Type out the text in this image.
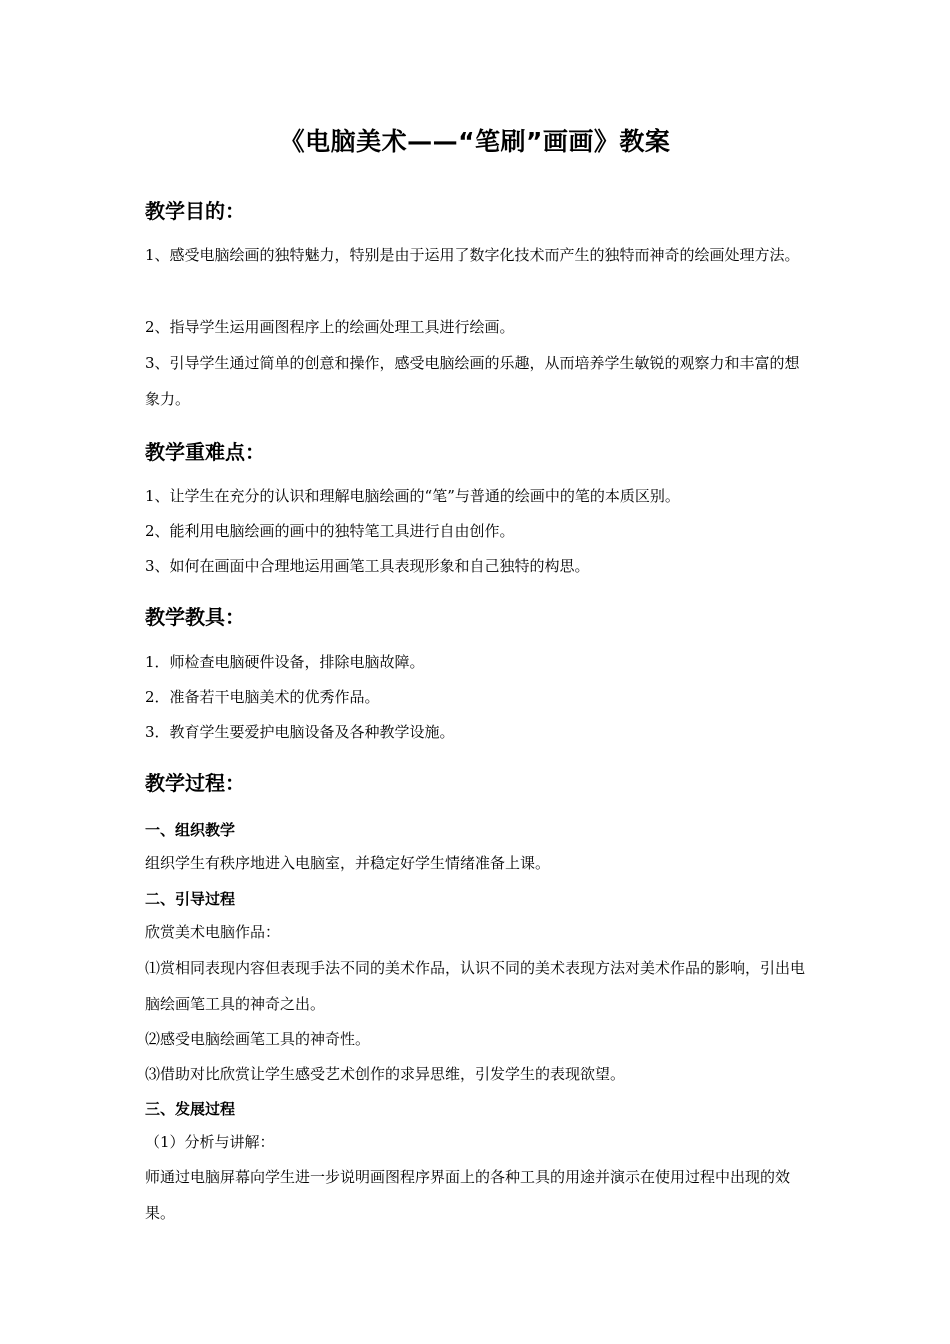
《电脑美术——“笔刷”画画》教案
教学目的：

1、感受电脑绘画的独特魅力，特别是由于运用了数字化技术而产生的独特而神奇的绘画处理方法。

2、指导学生运用画图程序上的绘画处理工具进行绘画。

3、引导学生通过简单的创意和操作，感受电脑绘画的乐趣，从而培养学生敏锐的观察力和丰富的想象力。

教学重难点：

1、让学生在充分的认识和理解电脑绘画的“笔”与普通的绘画中的笔的本质区别。

2、能利用电脑绘画的画中的独特笔工具进行自由创作。

3、如何在画面中合理地运用画笔工具表现形象和自己独特的构思。

教学教具：

1．师检查电脑硬件设备，排除电脑故障。

2．准备若干电脑美术的优秀作品。

3．教育学生要爱护电脑设备及各种教学设施。

教学过程：
一、组织教学

组织学生有秩序地进入电脑室，并稳定好学生情绪准备上课。

二、引导过程

欣赏美术电脑作品：

⑴赏相同表现内容但表现手法不同的美术作品，认识不同的美术表现方法对美术作品的影响，引出电脑绘画笔工具的神奇之出。

⑵感受电脑绘画笔工具的神奇性。

⑶借助对比欣赏让学生感受艺术创作的求异思维，引发学生的表现欲望。

三、发展过程

（1）分析与讲解：

师通过电脑屏幕向学生进一步说明画图程序界面上的各种工具的用途并演示在使用过程中出现的效果。
